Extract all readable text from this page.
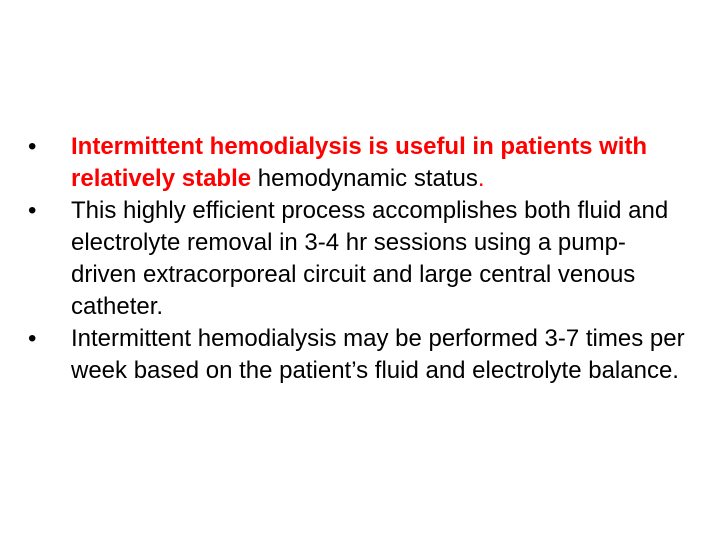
•	Intermittent hemodialysis is useful in patients with relatively stable hemodynamic status.
•	This highly efficient process accomplishes both fluid and electrolyte removal in 3-4 hr sessions using a pump-driven extracorporeal circuit and large central venous catheter.
•	Intermittent hemodialysis may be performed 3-7 times per week based on the patient’s fluid and electrolyte balance.
